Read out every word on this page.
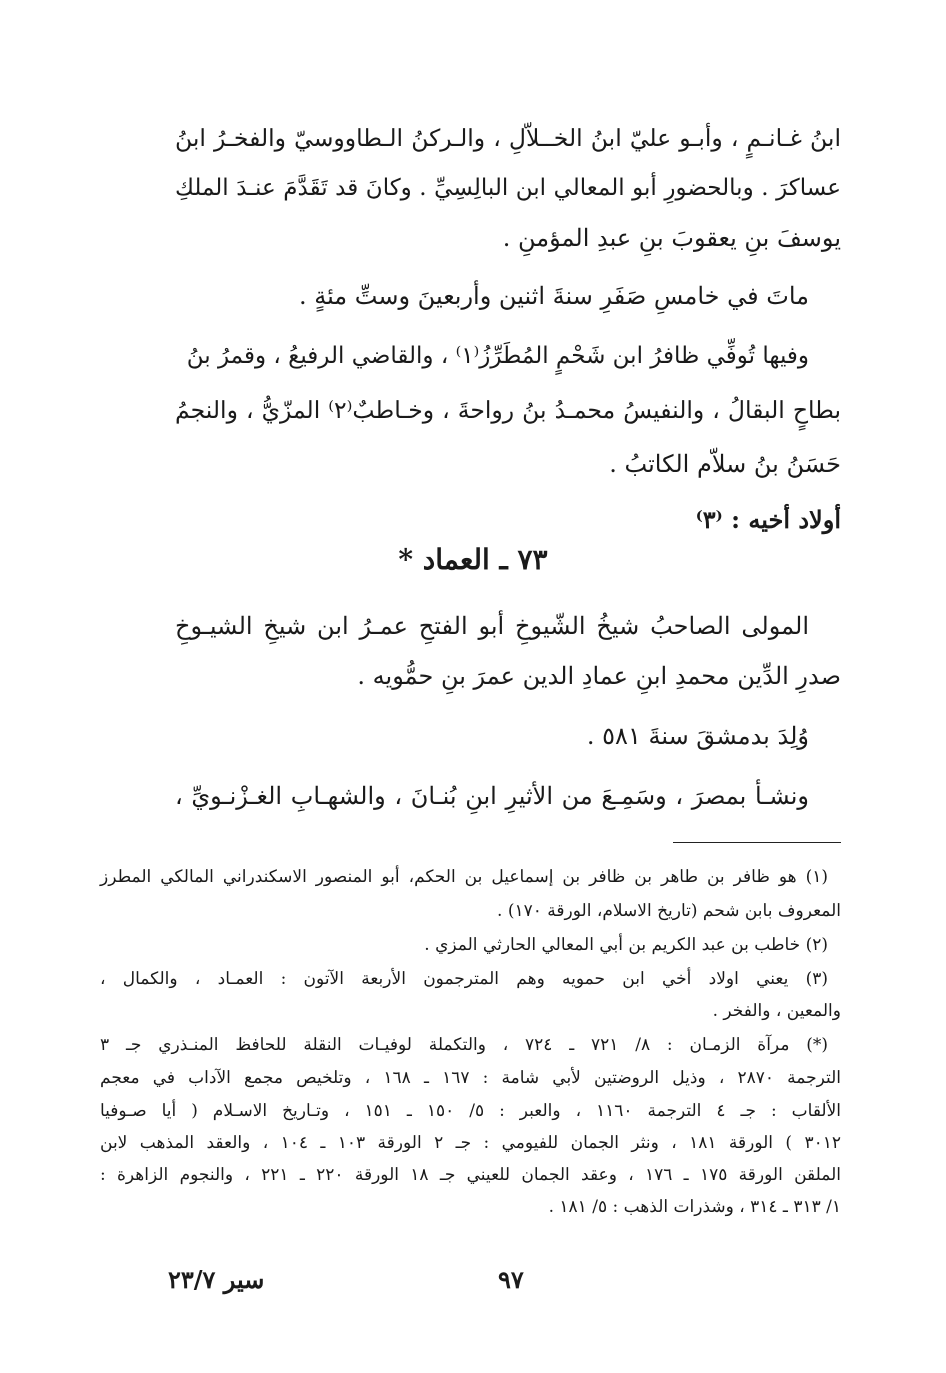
ابنُ غـانـمٍ ، وأبـو عليّ ابنُ الخــلاّلِ ، والـركنُ الـطاووسيّ والفخـرُ ابنُ
عساكرَ . وبالحضورِ أبو المعالي ابن البالِسِيِّ . وكانَ قد تَقَدَّمَ عنـدَ الملكِ
يوسفَ بنِ يعقوبَ بنِ عبدِ المؤمنِ .
ماتَ في خامسِ صَفَرِ سنةَ اثنين وأربعينَ وستِّ مئةٍ .
وفيها تُوفِّي ظافرُ ابن شَحْمٍ المُطَرِّزُ⁽١⁾ ، والقاضي الرفيعُ ، وقمرُ بنُ
بطاحٍ البقالُ ، والنفيسُ محمـدُ بنُ رواحةَ ، وخـاطبٌ⁽٢⁾ المزّيُّ ، والنجمُ
حَسَنُ بنُ سلاّم الكاتبُ .
أولاد أخيه : ⁽٣⁾
٧٣ ـ العماد *
المولى الصاحبُ شيخُ الشّيوخِ أبو الفتحِ عمـرُ ابن شيخِ الشيـوخِ
صدرِ الدِّين محمدِ ابنِ عمادِ الدين عمرَ بنِ حمُّويه .
وُلِدَ بدمشقَ سنةَ ٥٨١ .
ونشـأ بمصرَ ، وسَمِـعَ من الأثيرِ ابنِ بُنـانَ ، والشهـابِ الغـزْنـويِّ ،
(١) هو ظافر بن طاهر بن ظافر بن إسماعيل بن الحكم، أبو المنصور الاسكندراني المالكي المطرز
المعروف بابن شحم (تاريخ الاسلام، الورقة ١٧٠) .
(٢) خاطب بن عبد الكريم بن أبي المعالي الحارثي المزي .
(٣) يعني اولاد أخي ابن حمويه وهم المترجمون الأربعة الآتون : العمـاد ، والكمال ،
والمعين ، والفخر .
(*) مرآة الزمـان : ٨/ ٧٢١ ـ ٧٢٤ ، والتكملة لوفيـات النقلة للحافظ المنـذري جـ ٣
الترجمة ٢٨٧٠ ، وذيل الروضتين لأبي شامة : ١٦٧ ـ ١٦٨ ، وتلخيص مجمع الآداب في معجم
الألقاب : جـ ٤ الترجمة ١١٦٠ ، والعبر : ٥/ ١٥٠ ـ ١٥١ ، وتـاريخ الاسـلام ( أيا صـوفيا
٣٠١٢ ) الورقة ١٨١ ، ونثر الجمان للفيومي : جـ ٢ الورقة ١٠٣ ـ ١٠٤ ، والعقد المذهب لابن
الملقن الورقة ١٧٥ ـ ١٧٦ ، وعقد الجمان للعيني جـ ١٨ الورقة ٢٢٠ ـ ٢٢١ ، والنجوم الزاهرة :
١/ ٣١٣ ـ ٣١٤ ، وشذرات الذهب : ٥/ ١٨١ .
٩٧
سير ٢٣/٧
